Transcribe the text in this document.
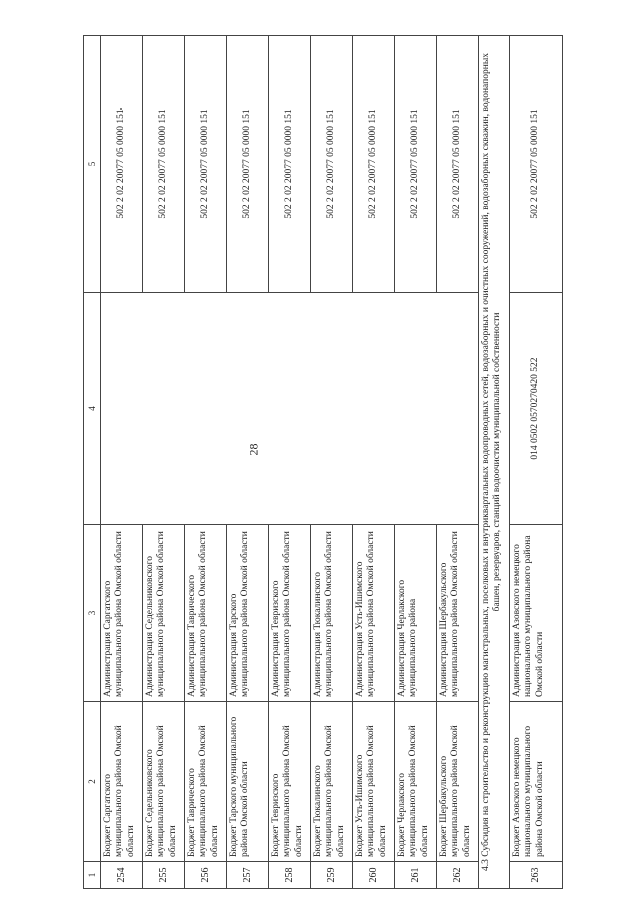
28
1	2	3	4	5
254	Бюджет Саргатского муниципального района Омской области	Администрация Саргатского муниципального района Омской области		502 2 02 20077 05 0000 151
255	Бюджет Седельниковского муниципального района Омской области	Администрация Седельниковского муниципального района Омской области		502 2 02 20077 05 0000 151
256	Бюджет Таврического муниципального района Омской области	Администрация Таврического муниципального района Омской области		502 2 02 20077 05 0000 151
257	Бюджет Тарского муниципального района Омской области	Администрация Тарского муниципального района Омской области		502 2 02 20077 05 0000 151
258	Бюджет Тевризского муниципального района Омской области	Администрация Тевризского муниципального района Омской области		502 2 02 20077 05 0000 151
259	Бюджет Тюкалинского муниципального района Омской области	Администрация Тюкалинского муниципального района Омской области		502 2 02 20077 05 0000 151
260	Бюджет Усть-Ишимского муниципального района Омской области	Администрация Усть-Ишимского муниципального района Омской области		502 2 02 20077 05 0000 151
261	Бюджет Черлакского муниципального района Омской области	Администрация Черлакского муниципального района		502 2 02 20077 05 0000 151
262	Бюджет Шербакульского муниципального района Омской области	Администрация Шербакульского муниципального района Омской области		502 2 02 20077 05 0000 151
4.3 Субсидия на строительство и реконструкцию магистральных, поселковых и внутриквартальных водопроводных сетей, водозаборных и очистных сооружений, водозаборных скважин, водонапорных башен, резервуаров, станций водоочистки муниципальной собственности				
263	Бюджет Азовского немецкого национального муниципального района Омской области	Администрация Азовского немецкого национального муниципального района Омской области	014 0502 0570270420 522	502 2 02 20077 05 0000 151
